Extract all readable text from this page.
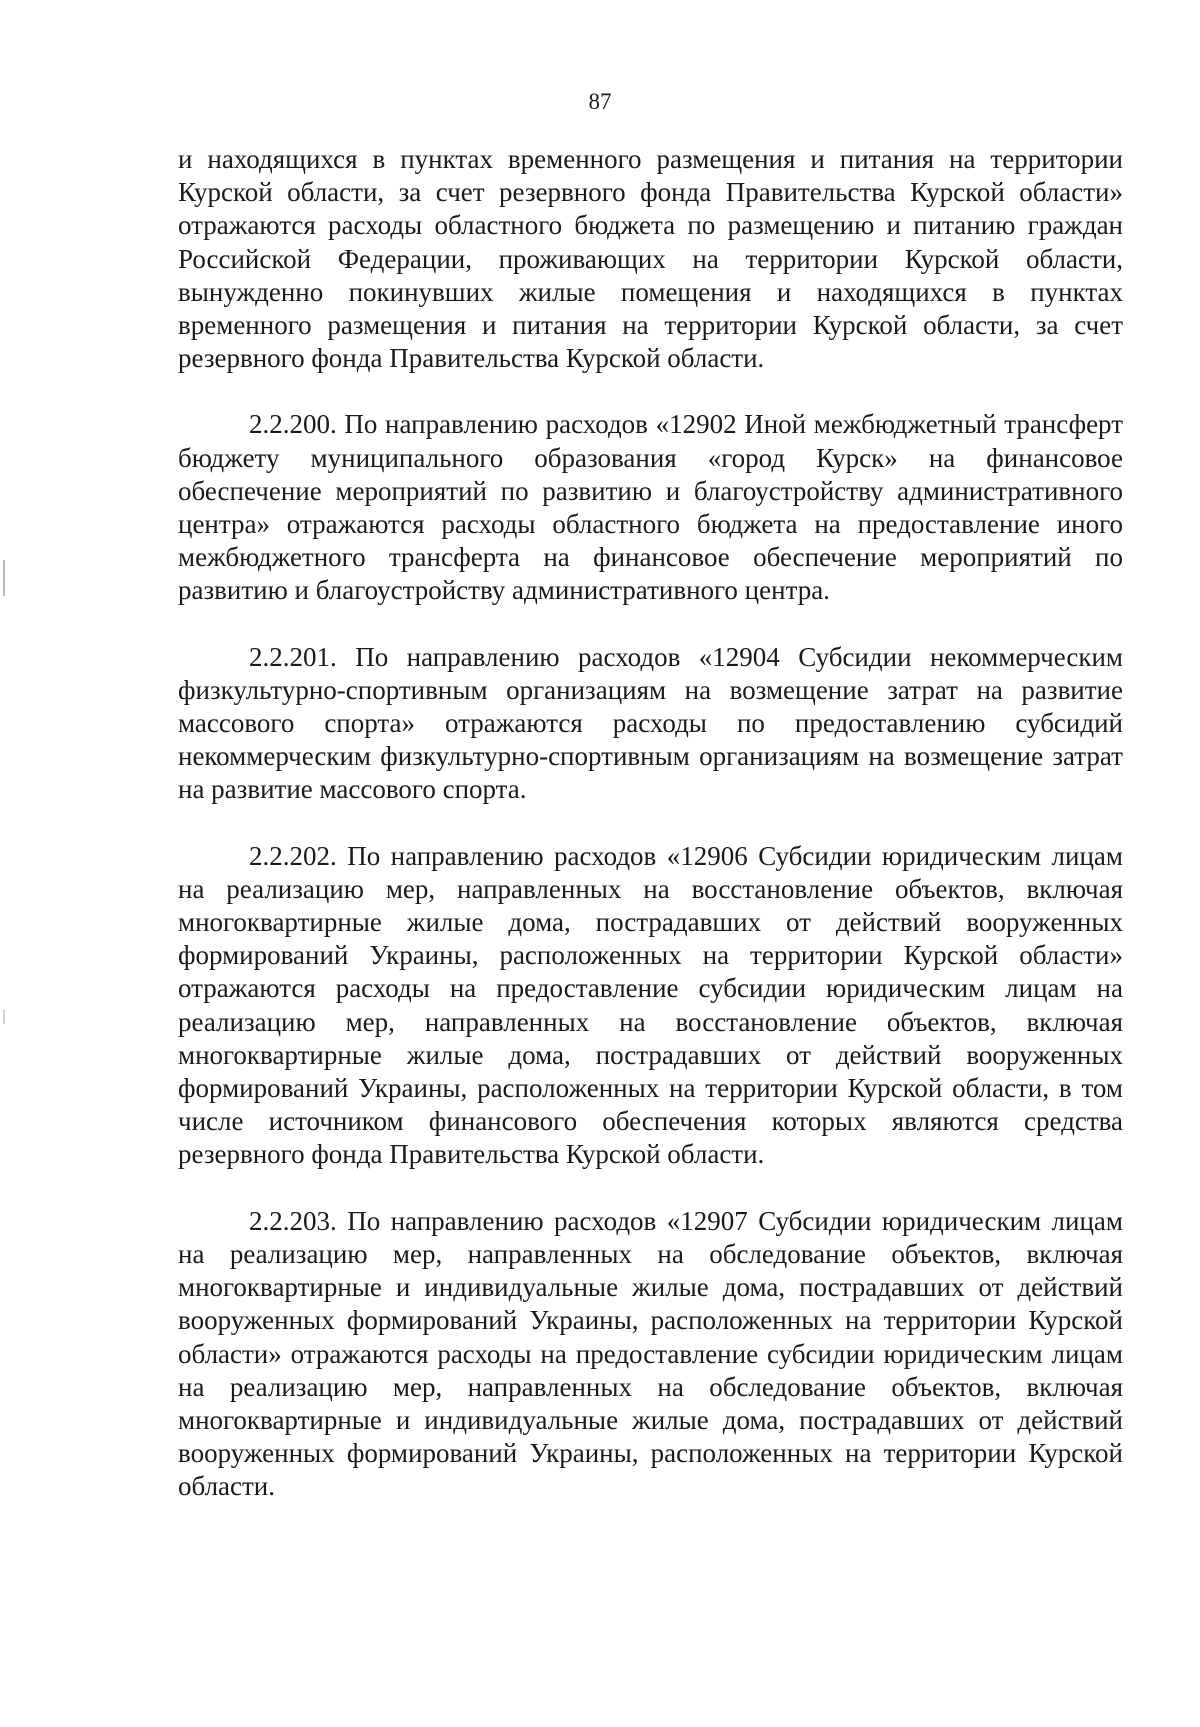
87

и находящихся в пунктах временного размещения и питания на территории Курской области, за счет резервного фонда Правительства Курской области» отражаются расходы областного бюджета по размещению и питанию граждан Российской Федерации, проживающих на территории Курской области, вынужденно покинувших жилые помещения и находящихся в пунктах временного размещения и питания на территории Курской области, за счет резервного фонда Правительства Курской области.

2.2.200. По направлению расходов «12902 Иной межбюджетный трансферт бюджету муниципального образования «город Курск» на финансовое обеспечение мероприятий по развитию и благоустройству административного центра» отражаются расходы областного бюджета на предоставление иного межбюджетного трансферта на финансовое обеспечение мероприятий по развитию и благоустройству административного центра.

2.2.201. По направлению расходов «12904 Субсидии некоммерческим физкультурно-спортивным организациям на возмещение затрат на развитие массового спорта» отражаются расходы по предоставлению субсидий некоммерческим физкультурно-спортивным организациям на возмещение затрат на развитие массового спорта.

2.2.202. По направлению расходов «12906 Субсидии юридическим лицам на реализацию мер, направленных на восстановление объектов, включая многоквартирные жилые дома, пострадавших от действий вооруженных формирований Украины, расположенных на территории Курской области» отражаются расходы на предоставление субсидии юридическим лицам на реализацию мер, направленных на восстановление объектов, включая многоквартирные жилые дома, пострадавших от действий вооруженных формирований Украины, расположенных на территории Курской области, в том числе источником финансового обеспечения которых являются средства резервного фонда Правительства Курской области.

2.2.203. По направлению расходов «12907 Субсидии юридическим лицам на реализацию мер, направленных на обследование объектов, включая многоквартирные и индивидуальные жилые дома, пострадавших от действий вооруженных формирований Украины, расположенных на территории Курской области» отражаются расходы на предоставление субсидии юридическим лицам на реализацию мер, направленных на обследование объектов, включая многоквартирные и индивидуальные жилые дома, пострадавших от действий вооруженных формирований Украины, расположенных на территории Курской области.
